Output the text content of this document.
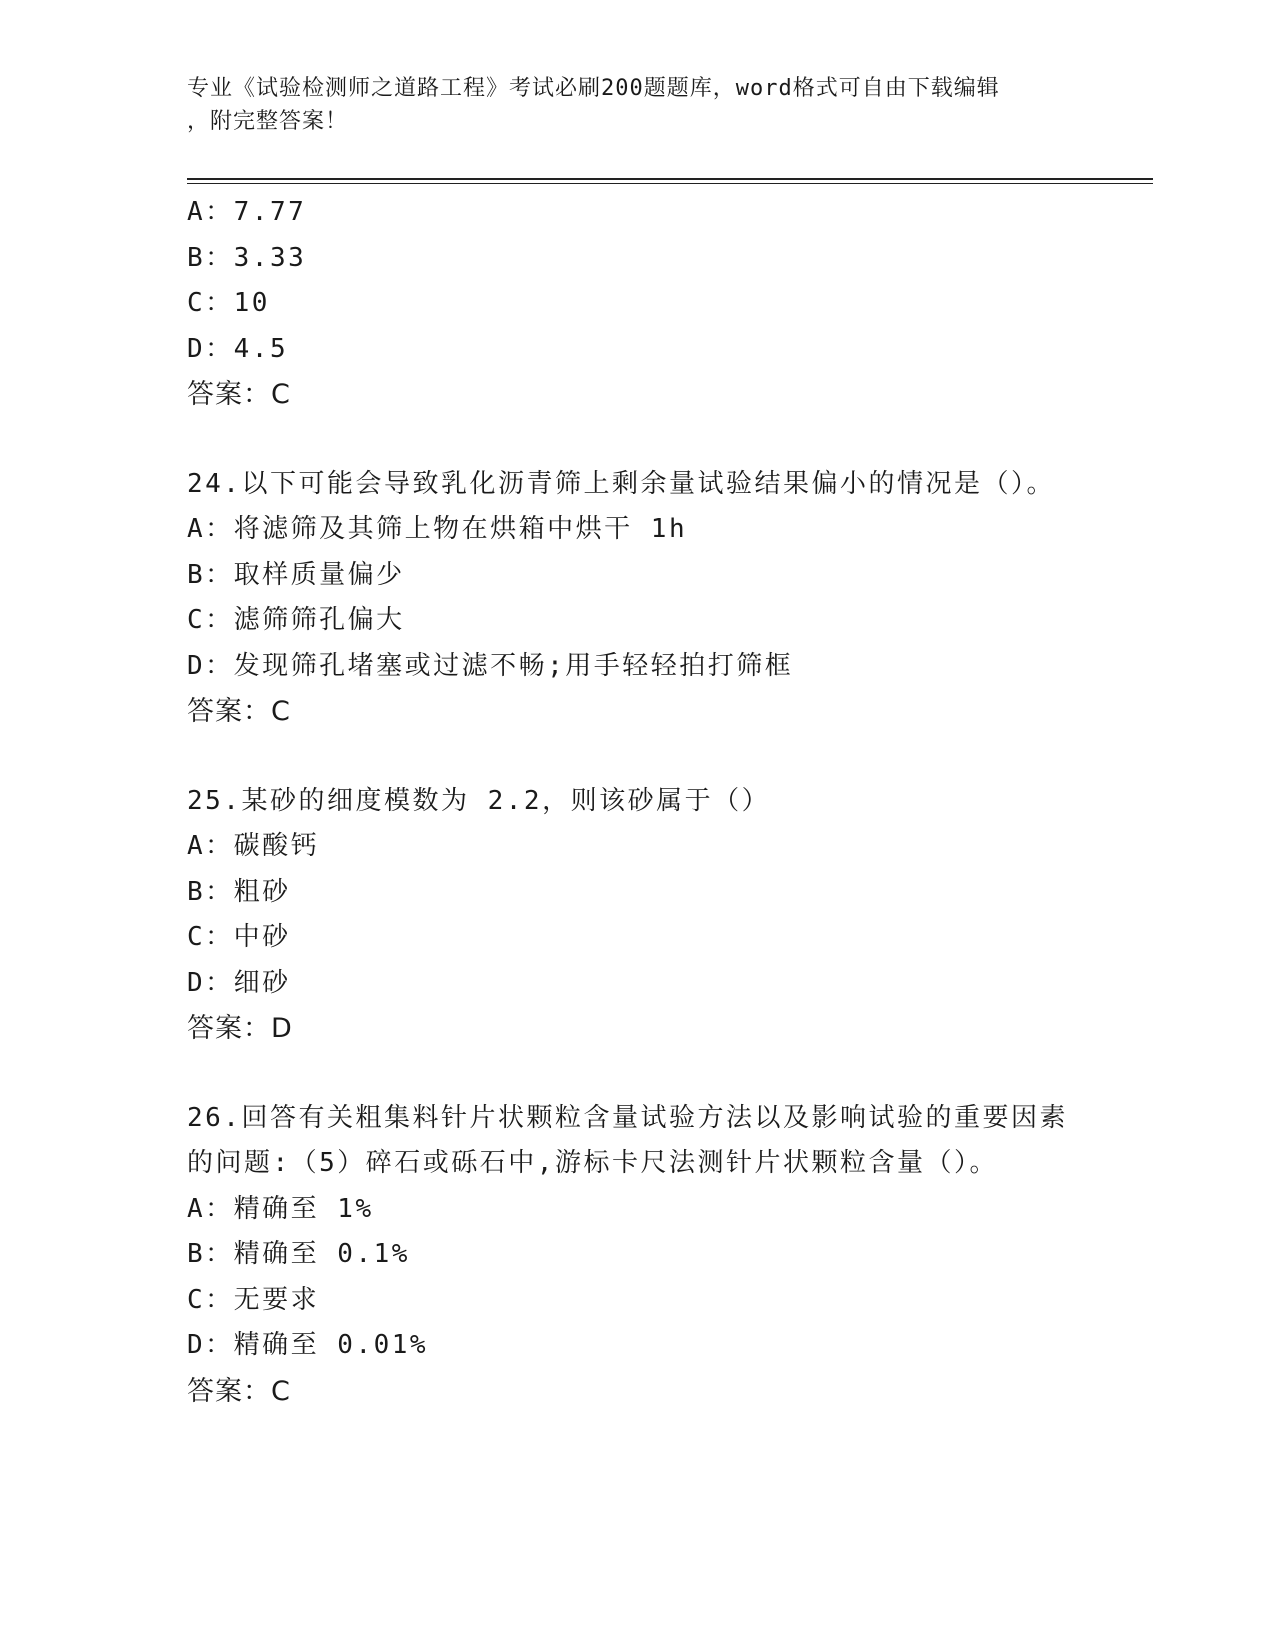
专业《试验检测师之道路工程》考试必刷200题题库，word格式可自由下载编辑
，附完整答案！
A：7.77
B：3.33
C：10
D：4.5
答案：C
24.以下可能会导致乳化沥青筛上剩余量试验结果偏小的情况是（）。
A：将滤筛及其筛上物在烘箱中烘干 1h
B：取样质量偏少
C：滤筛筛孔偏大
D：发现筛孔堵塞或过滤不畅;用手轻轻拍打筛框
答案：C
25.某砂的细度模数为 2.2，则该砂属于（）
A：碳酸钙
B：粗砂
C：中砂
D：细砂
答案：D
26.回答有关粗集料针片状颗粒含量试验方法以及影响试验的重要因素
的问题:（5）碎石或砾石中,游标卡尺法测针片状颗粒含量（）。
A：精确至 1%
B：精确至 0.1%
C：无要求
D：精确至 0.01%
答案：C
